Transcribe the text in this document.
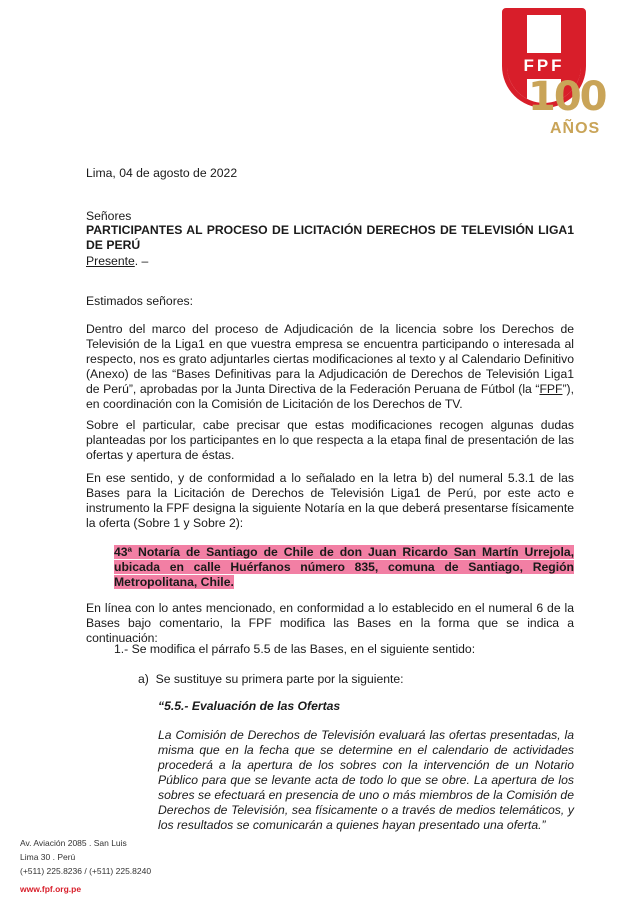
FPF
100
AÑOS

Lima, 04 de agosto de 2022

Señores

PARTICIPANTES AL PROCESO DE LICITACIÓN DERECHOS DE TELEVISIÓN LIGA1 DE PERÚ

Presente. –

Estimados señores:

Dentro del marco del proceso de Adjudicación de la licencia sobre los Derechos de Televisión de la Liga1 en que vuestra empresa se encuentra participando o interesada al respecto, nos es grato adjuntarles ciertas modificaciones al texto y al Calendario Definitivo (Anexo) de las “Bases Definitivas para la Adjudicación de Derechos de Televisión Liga1 de Perú”, aprobadas por la Junta Directiva de la Federación Peruana de Fútbol (la “FPF”), en coordinación con la Comisión de Licitación de los Derechos de TV.

Sobre el particular, cabe precisar que estas modificaciones recogen algunas dudas planteadas por los participantes en lo que respecta a la etapa final de presentación de las ofertas y apertura de éstas.

En ese sentido, y de conformidad a lo señalado en la letra b) del numeral 5.3.1 de las Bases para la Licitación de Derechos de Televisión Liga1 de Perú, por este acto e instrumento la FPF designa la siguiente Notaría en la que deberá presentarse físicamente la oferta (Sobre 1 y Sobre 2):

43ª Notaría de Santiago de Chile de don Juan Ricardo San Martín Urrejola, ubicada en calle Huérfanos número 835, comuna de Santiago, Región Metropolitana, Chile.

En línea con lo antes mencionado, en conformidad a lo establecido en el numeral 6 de la Bases bajo comentario, la FPF modifica las Bases en la forma que se indica a continuación:

1.- Se modifica el párrafo 5.5 de las Bases, en el siguiente sentido:

a)  Se sustituye su primera parte por la siguiente:

“5.5.- Evaluación de las Ofertas

La Comisión de Derechos de Televisión evaluará las ofertas presentadas, la misma que en la fecha que se determine en el calendario de actividades procederá a la apertura de los sobres con la intervención de un Notario Público para que se levante acta de todo lo que se obre. La apertura de los sobres se efectuará en presencia de uno o más miembros de la Comisión de Derechos de Televisión, sea físicamente o a través de medios telemáticos, y los resultados se comunicarán a quienes hayan presentado una oferta.”

Av. Aviación 2085 . San Luis
Lima 30 . Perú
(+511) 225.8236 / (+511) 225.8240
www.fpf.org.pe
